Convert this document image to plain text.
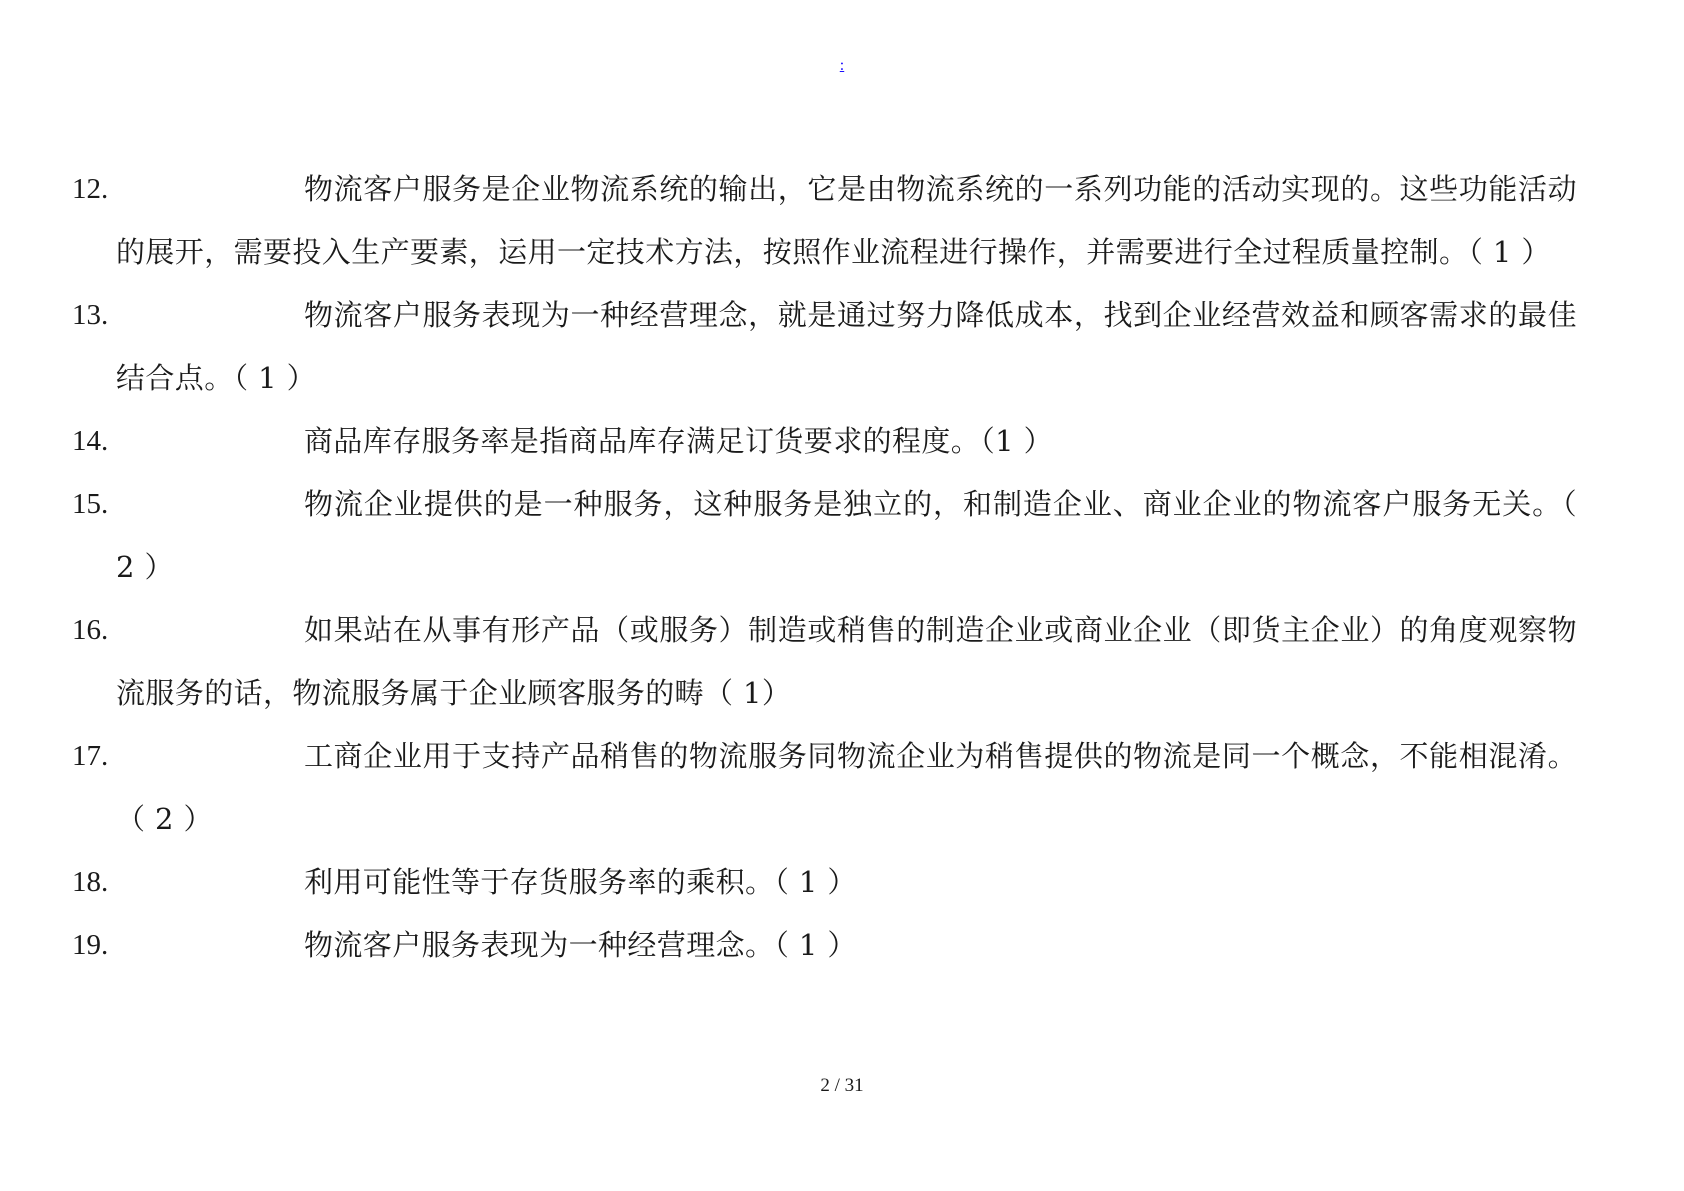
:
12.	物流客户服务是企业物流系统的输出，它是由物流系统的一系列功能的活动实现的。这些功能活动的展开，需要投入生产要素，运用一定技术方法，按照作业流程进行操作，并需要进行全过程质量控制。（ 1 ）
13.	物流客户服务表现为一种经营理念，就是通过努力降低成本，找到企业经营效益和顾客需求的最佳结合点。（ 1 ）
14.	商品库存服务率是指商品库存满足订货要求的程度。（1 ）
15.	物流企业提供的是一种服务，这种服务是独立的，和制造企业、商业企业的物流客户服务无关。（ 2 ）
16.	如果站在从事有形产品（或服务）制造或稍售的制造企业或商业企业（即货主企业）的角度观察物流服务的话，物流服务属于企业顾客服务的畴（ 1）
17.	工商企业用于支持产品稍售的物流服务同物流企业为稍售提供的物流是同一个概念，不能相混淆。（ 2 ）
18.	利用可能性等于存货服务率的乘积。（ 1 ）
19.	物流客户服务表现为一种经营理念。（ 1 ）
2 / 31
